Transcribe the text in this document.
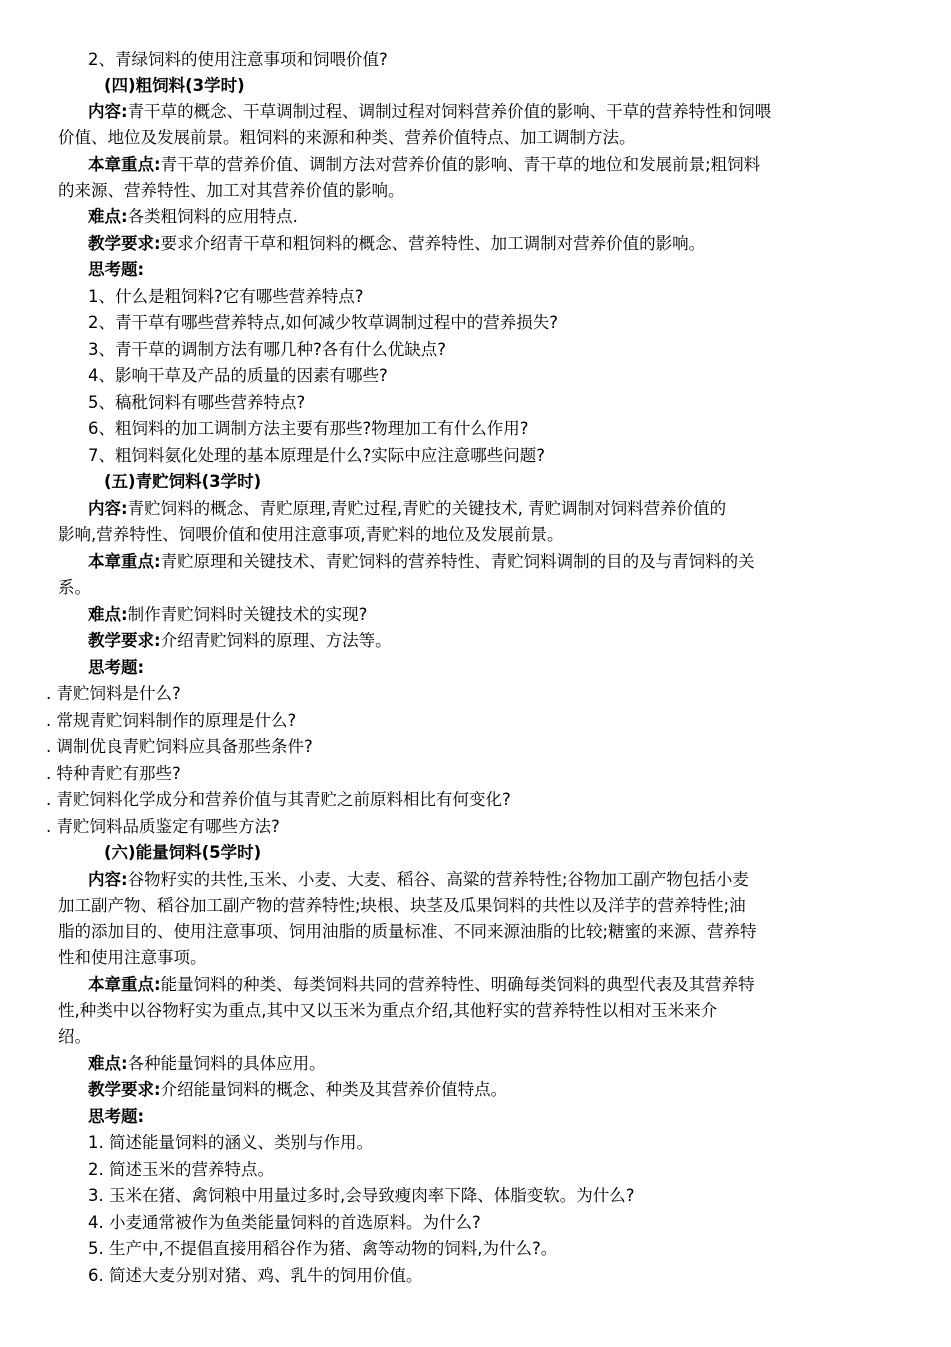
2、青绿饲料的使用注意事项和饲喂价值?
(四)粗饲料(3学时)
内容:青干草的概念、干草调制过程、调制过程对饲料营养价值的影响、干草的营养特性和饲喂
价值、地位及发展前景。粗饲料的来源和种类、营养价值特点、加工调制方法。
本章重点:青干草的营养价值、调制方法对营养价值的影响、青干草的地位和发展前景;粗饲料
的来源、营养特性、加工对其营养价值的影响。
难点:各类粗饲料的应用特点.
教学要求:要求介绍青干草和粗饲料的概念、营养特性、加工调制对营养价值的影响。
思考题:
1、什么是粗饲料?它有哪些营养特点?
2、青干草有哪些营养特点,如何减少牧草调制过程中的营养损失?
3、青干草的调制方法有哪几种?各有什么优缺点?
4、影响干草及产品的质量的因素有哪些?
5、稿秕饲料有哪些营养特点?
6、粗饲料的加工调制方法主要有那些?物理加工有什么作用?
7、粗饲料氨化处理的基本原理是什么?实际中应注意哪些问题?
(五)青贮饲料(3学时)
内容:青贮饲料的概念、青贮原理,青贮过程,青贮的关键技术, 青贮调制对饲料营养价值的
影响,营养特性、饲喂价值和使用注意事项,青贮料的地位及发展前景。
本章重点:青贮原理和关键技术、青贮饲料的营养特性、青贮饲料调制的目的及与青饲料的关
系。
难点:制作青贮饲料时关键技术的实现?
教学要求:介绍青贮饲料的原理、方法等。
思考题:
. 青贮饲料是什么?
. 常规青贮饲料制作的原理是什么?
. 调制优良青贮饲料应具备那些条件?
. 特种青贮有那些?
. 青贮饲料化学成分和营养价值与其青贮之前原料相比有何变化?
. 青贮饲料品质鉴定有哪些方法?
(六)能量饲料(5学时)
内容:谷物籽实的共性,玉米、小麦、大麦、稻谷、高粱的营养特性;谷物加工副产物包括小麦
加工副产物、稻谷加工副产物的营养特性;块根、块茎及瓜果饲料的共性以及洋芋的营养特性;油
脂的添加目的、使用注意事项、饲用油脂的质量标准、不同来源油脂的比较;糖蜜的来源、营养特
性和使用注意事项。
本章重点:能量饲料的种类、每类饲料共同的营养特性、明确每类饲料的典型代表及其营养特
性,种类中以谷物籽实为重点,其中又以玉米为重点介绍,其他籽实的营养特性以相对玉米来介
绍。
难点:各种能量饲料的具体应用。
教学要求:介绍能量饲料的概念、种类及其营养价值特点。
思考题:
1. 简述能量饲料的涵义、类别与作用。
2. 简述玉米的营养特点。
3. 玉米在猪、禽饲粮中用量过多时,会导致瘦肉率下降、体脂变软。为什么?
4. 小麦通常被作为鱼类能量饲料的首选原料。为什么?
5. 生产中,不提倡直接用稻谷作为猪、禽等动物的饲料,为什么?。
6. 简述大麦分别对猪、鸡、乳牛的饲用价值。
